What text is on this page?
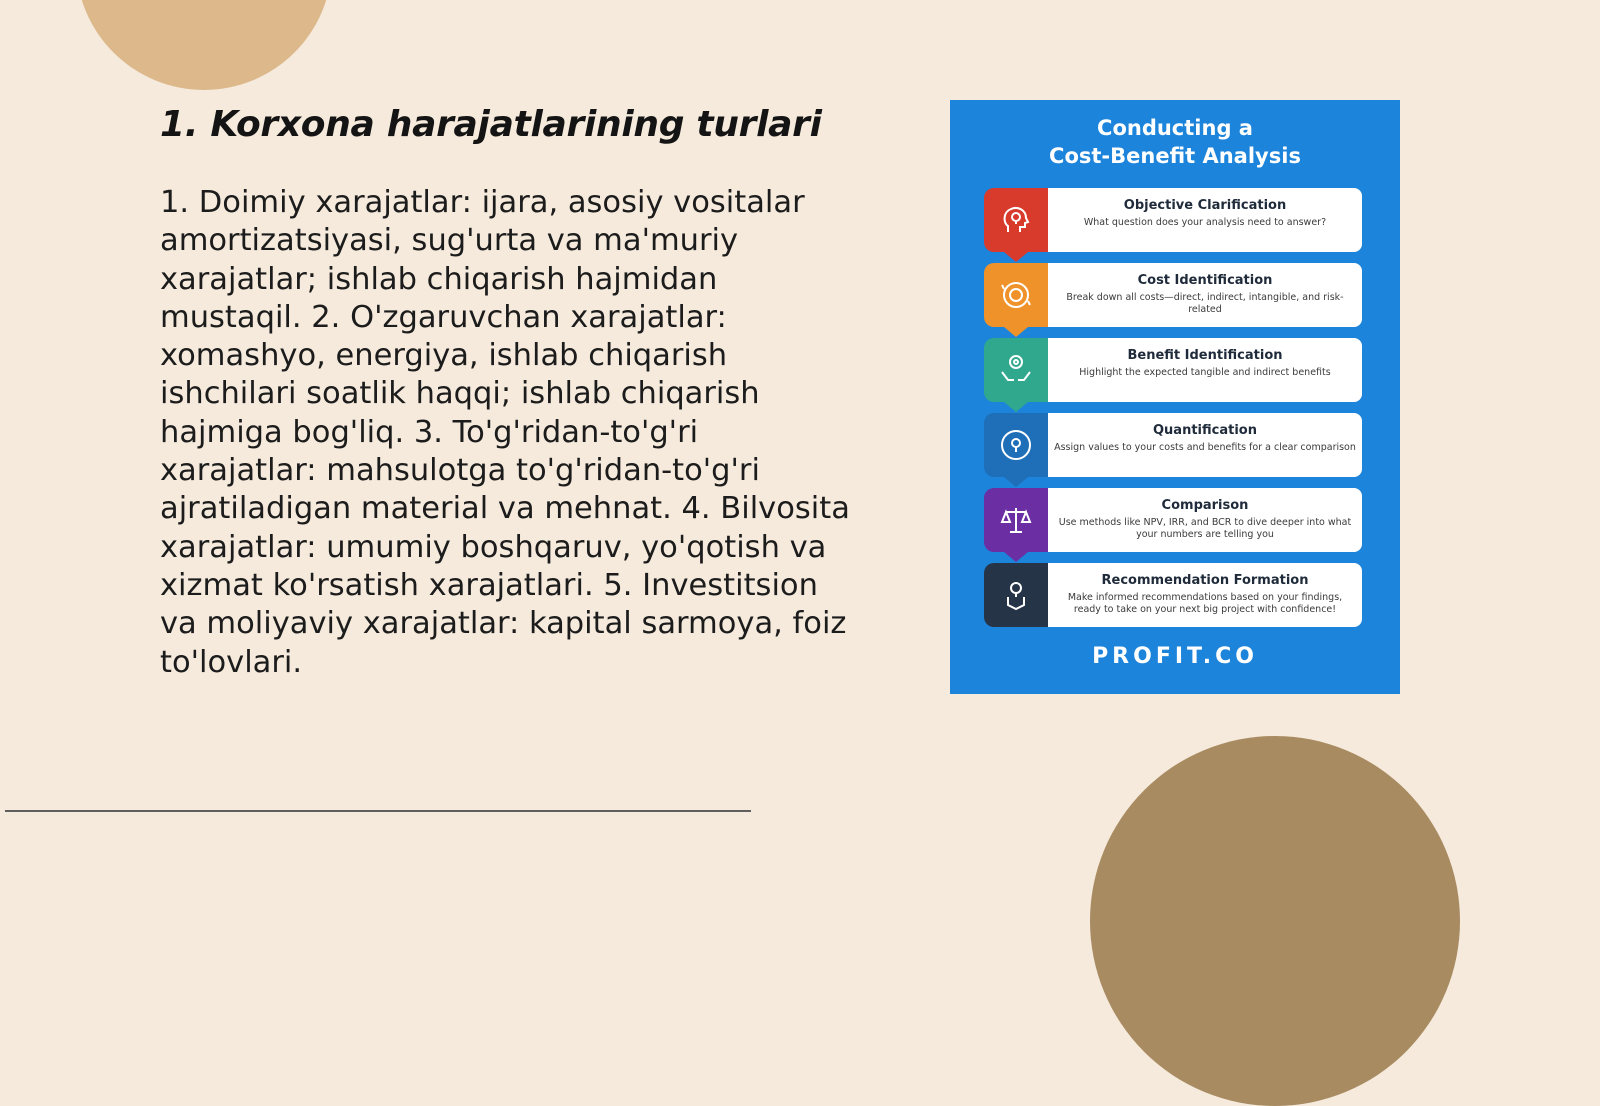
1. Korxona harajatlarining turlari

1. Doimiy xarajatlar: ijara, asosiy vositalar amortizatsiyasi, sug'urta va ma'muriy xarajatlar; ishlab chiqarish hajmidan mustaqil. 2. O'zgaruvchan xarajatlar: xomashyo, energiya, ishlab chiqarish ishchilari soatlik haqqi; ishlab chiqarish hajmiga bog'liq. 3. To'g'ridan-to'g'ri xarajatlar: mahsulotga to'g'ridan-to'g'ri ajratiladigan material va mehnat. 4. Bilvosita xarajatlar: umumiy boshqaruv, yo'qotish va xizmat ko'rsatish xarajatlari. 5. Investitsion va moliyaviy xarajatlar: kapital sarmoya, foiz to'lovlari.

Conducting a
Cost-Benefit Analysis
Objective Clarification
What question does your analysis need to answer?
Cost Identification
Break down all costs—direct, indirect, intangible, and risk-related
Benefit Identification
Highlight the expected tangible and indirect benefits
Quantification
Assign values to your costs and benefits for a clear comparison
Comparison
Use methods like NPV, IRR, and BCR to dive deeper into what your numbers are telling you
Recommendation Formation
Make informed recommendations based on your findings, ready to take on your next big project with confidence!
PROFIT.CO
